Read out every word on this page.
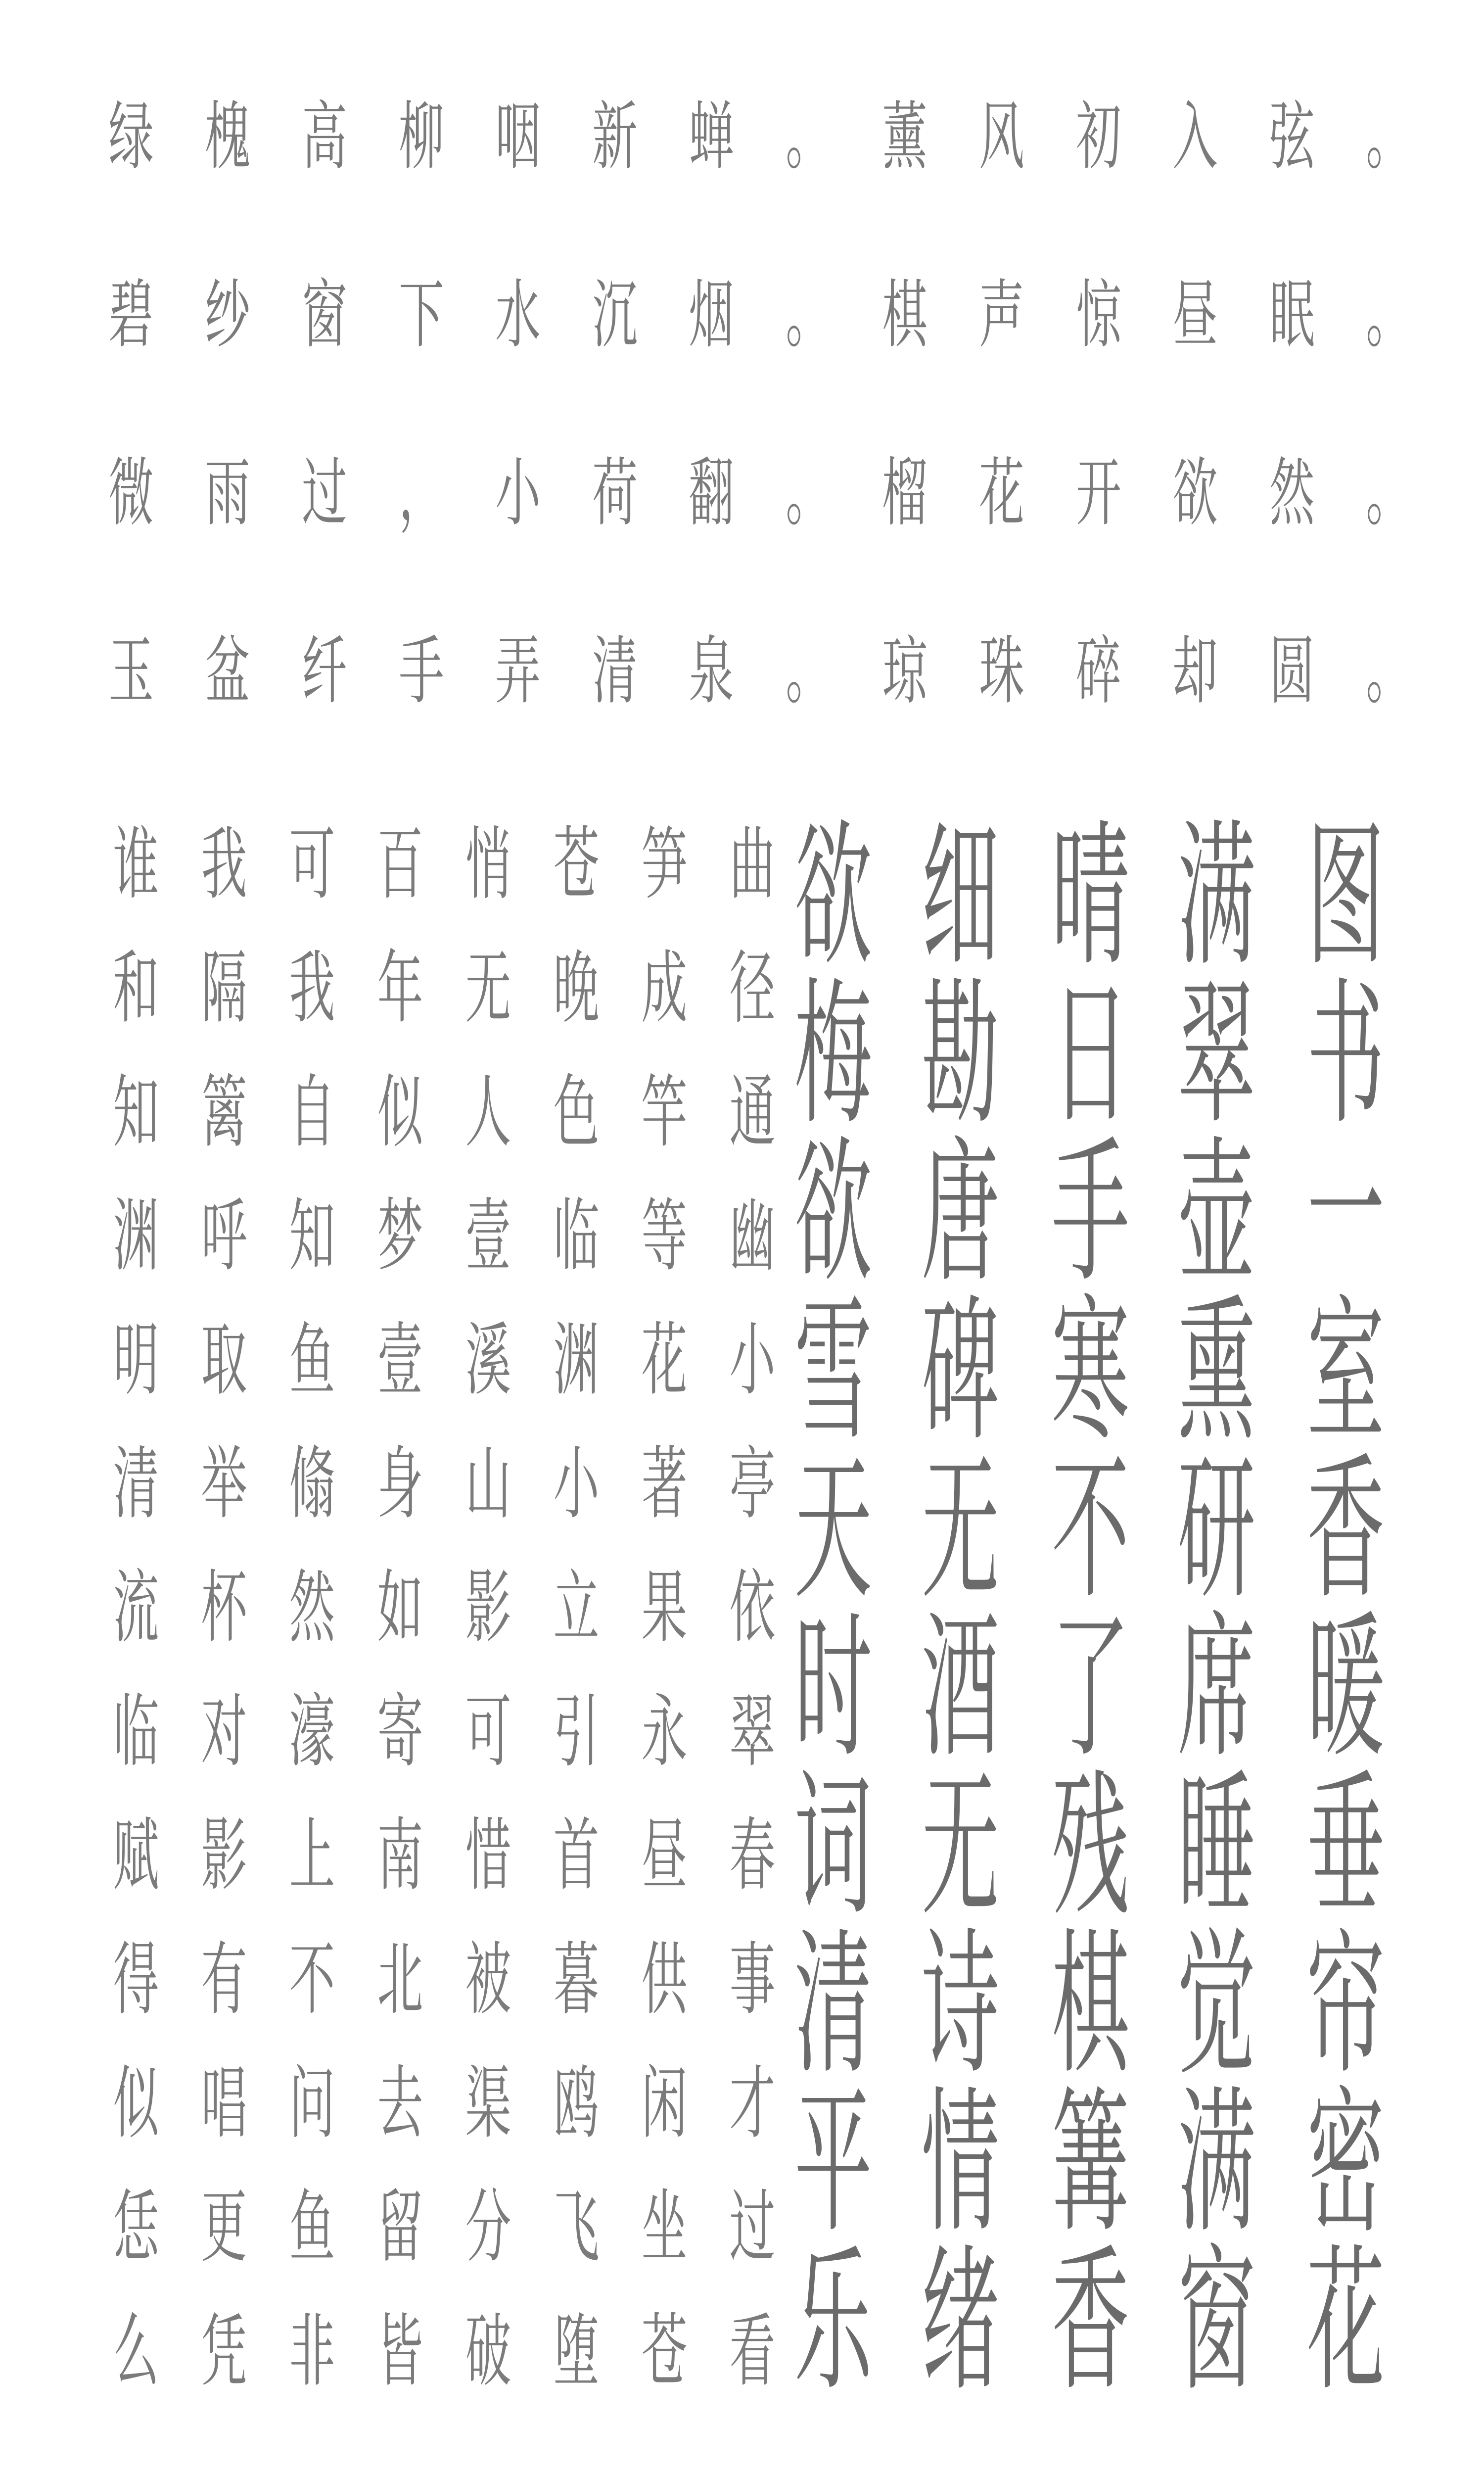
绿 槐 高 柳 咽 新 蝉 。 薰 风 初 入 弦 。
碧 纱 窗 下 水 沉 烟 。 棋 声 惊 昼 眠 。
微 雨 过 ， 小 荷 翻 。 榴 花 开 欲 然 。
玉 盆 纤 手 弄 清 泉 。 琼 珠 碎 却 圆 。
谁
和
知
渊
明
清
流
临
赋
得
似
恁
么
我
隔
篱
呼
取
举
杯
对
影
有
唱
更
凭
可
我
自
知
鱼
翛
然
濠
上
不
问
鱼
非
百
年
似
梦
壹
身
如
寄
南
北
去
留
皆
悄
无
人
壹
溪
山
影
可
惜
被
渠
分
破
苍
晚
色
临
渊
小
立
引
首
暮
鸥
飞
堕
笋
成
竿
等
花
著
果
永
昼
供
闲
坐
苍
曲
径
通
幽
小
亭
依
翠
春
事
才
过
看
欲
梅
欲
雪
天
时
词
清
平
乐
细
勘
唐
碑
无
酒
无
诗
情
绪
晴
日
手
寒
不
了
残
棋
篝
香
满
翠
壶
熏
研
席
睡
觉
满
窗
图
书
一
室
香
暖
垂
帘
密
花
